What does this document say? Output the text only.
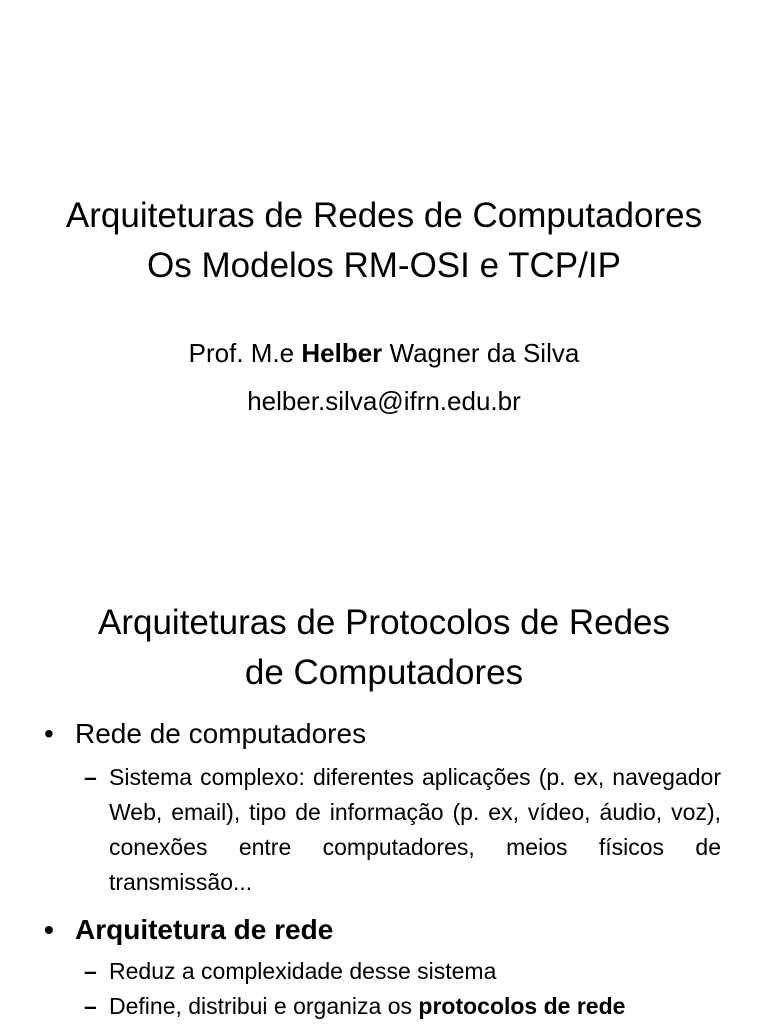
Arquiteturas de Redes de Computadores
Os Modelos RM-OSI e TCP/IP
Prof. M.e Helber Wagner da Silva
helber.silva@ifrn.edu.br
Arquiteturas de Protocolos de Redes
de Computadores
• Rede de computadores
– Sistema complexo: diferentes aplicações (p. ex, navegador Web, email), tipo de informação (p. ex, vídeo, áudio, voz), conexões entre computadores, meios físicos de transmissão...
• Arquitetura de rede
– Reduz a complexidade desse sistema
– Define, distribui e organiza os protocolos de rede
